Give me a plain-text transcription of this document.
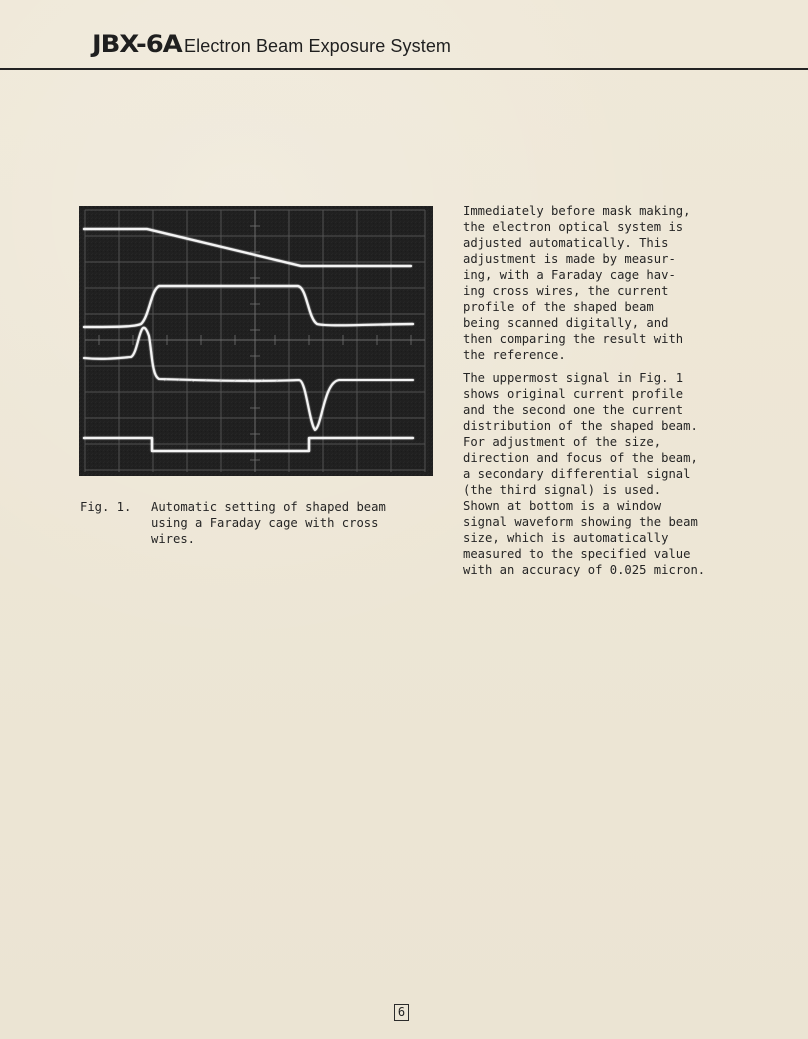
JBX-6A Electron Beam Exposure System
Fig. 1.	Automatic setting of shaped beam
using a Faraday cage with cross
wires.
Immediately before mask making,
the electron optical system is
adjusted automatically. This
adjustment is made by measur-
ing, with a Faraday cage hav-
ing cross wires, the current
profile of the shaped beam
being scanned digitally, and
then comparing the result with
the reference.
The uppermost signal in Fig. 1
shows original current profile
and the second one the current
distribution of the shaped beam.
For adjustment of the size,
direction and focus of the beam,
a secondary differential signal
(the third signal) is used.
Shown at bottom is a window
signal waveform showing the beam
size, which is automatically
measured to the specified value
with an accuracy of 0.025 micron.
6
